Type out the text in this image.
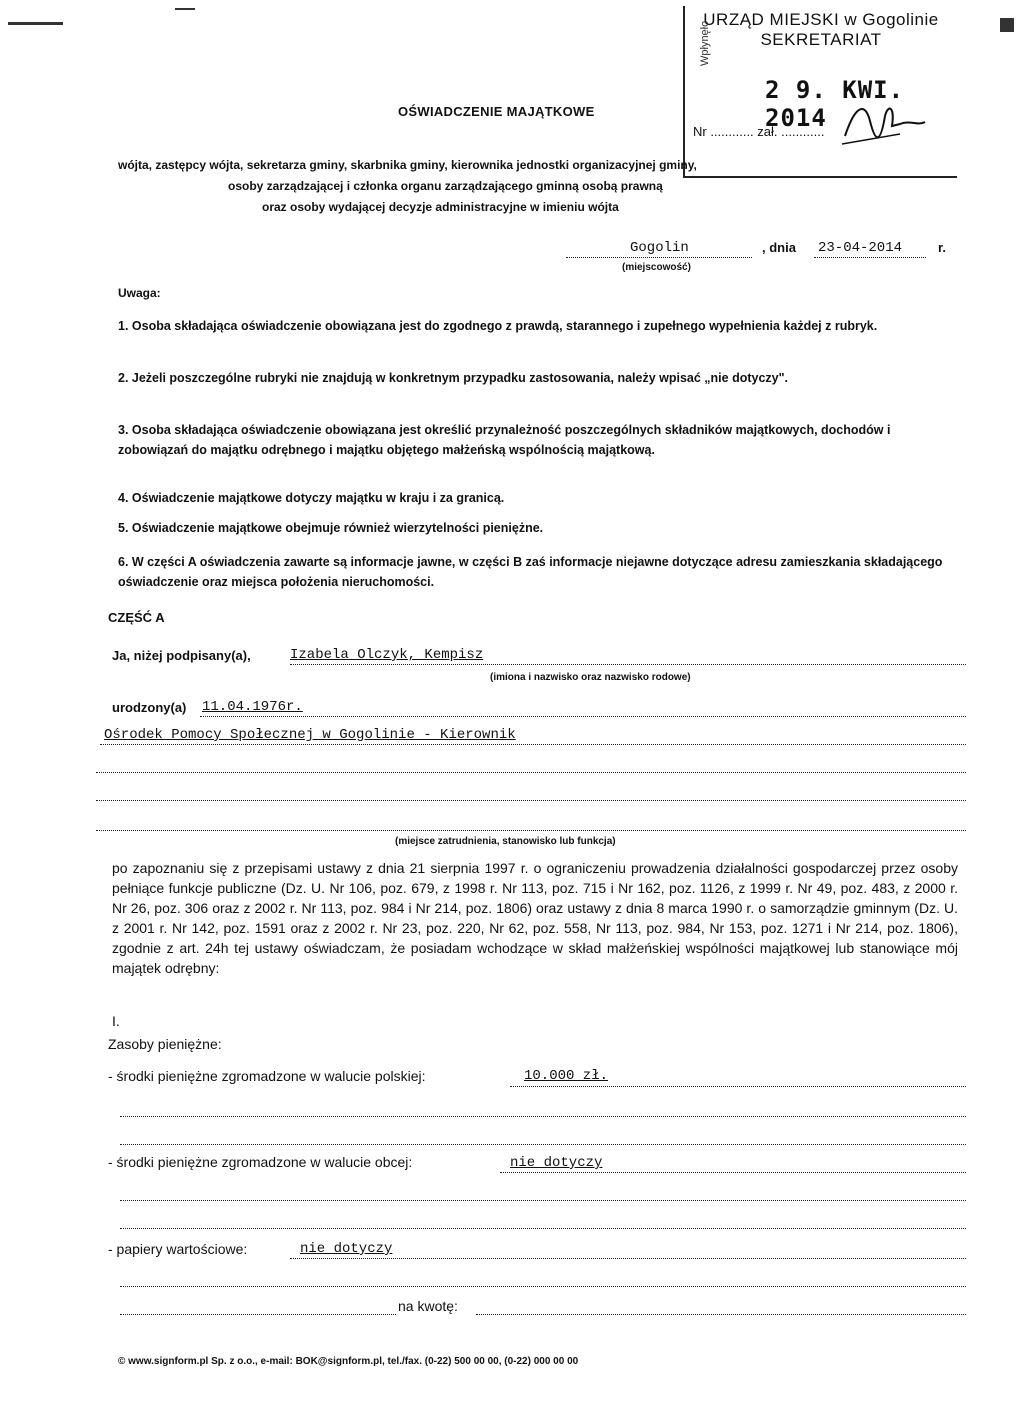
URZĄD MIEJSKI w Gogolinie
SEKRETARIAT
Wpłynęło
2 9. KWI. 2014
Nr ............ zał. ............
OŚWIADCZENIE MAJĄTKOWE
wójta, zastępcy wójta, sekretarza gminy, skarbnika gminy, kierownika jednostki organizacyjnej gminy,
osoby zarządzającej i członka organu zarządzającego gminną osobą prawną
oraz osoby wydającej decyzje administracyjne w imieniu wójta
Gogolin	, dnia 23-04-2014	r.
(miejscowość)
Uwaga:
1. Osoba składająca oświadczenie obowiązana jest do zgodnego z prawdą, starannego i zupełnego wypełnienia każdej z rubryk.
2. Jeżeli poszczególne rubryki nie znajdują w konkretnym przypadku zastosowania, należy wpisać „nie dotyczy".
3. Osoba składająca oświadczenie obowiązana jest określić przynależność poszczególnych składników majątkowych, dochodów i zobowiązań do majątku odrębnego i majątku objętego małżeńską wspólnością majątkową.
4. Oświadczenie majątkowe dotyczy majątku w kraju i za granicą.
5. Oświadczenie majątkowe obejmuje również wierzytelności pieniężne.
6. W części A oświadczenia zawarte są informacje jawne, w części B zaś informacje niejawne dotyczące adresu zamieszkania składającego oświadczenie oraz miejsca położenia nieruchomości.
CZĘŚĆ A
Ja, niżej podpisany(a),	Izabela Olczyk, Kempisz
(imiona i nazwisko oraz nazwisko rodowe)
urodzony(a) 11.04.1976r.
Ośrodek Pomocy Społecznej w Gogolinie - Kierownik
(miejsce zatrudnienia, stanowisko lub funkcja)
po zapoznaniu się z przepisami ustawy z dnia 21 sierpnia 1997 r. o ograniczeniu prowadzenia działalności gospodarczej przez osoby pełniące funkcje publiczne (Dz. U. Nr 106, poz. 679, z 1998 r. Nr 113, poz. 715 i Nr 162, poz. 1126, z 1999 r. Nr 49, poz. 483, z 2000 r. Nr 26, poz. 306 oraz z 2002 r. Nr 113, poz. 984 i Nr 214, poz. 1806) oraz ustawy z dnia 8 marca 1990 r. o samorządzie gminnym (Dz. U. z 2001 r. Nr 142, poz. 1591 oraz z 2002 r. Nr 23, poz. 220, Nr 62, poz. 558, Nr 113, poz. 984, Nr 153, poz. 1271 i Nr 214, poz. 1806), zgodnie z art. 24h tej ustawy oświadczam, że posiadam wchodzące w skład małżeńskiej wspólności majątkowej lub stanowiące mój majątek odrębny:
I.
Zasoby pieniężne:
- środki pieniężne zgromadzone w walucie polskiej:	10.000 zł.
- środki pieniężne zgromadzone w walucie obcej:	nie dotyczy
- papiery wartościowe:	nie dotyczy
na kwotę:
© www.signform.pl Sp. z o.o., e-mail: BOK@signform.pl, tel./fax. (0-22) 500 00 00, (0-22) 000 00 00
